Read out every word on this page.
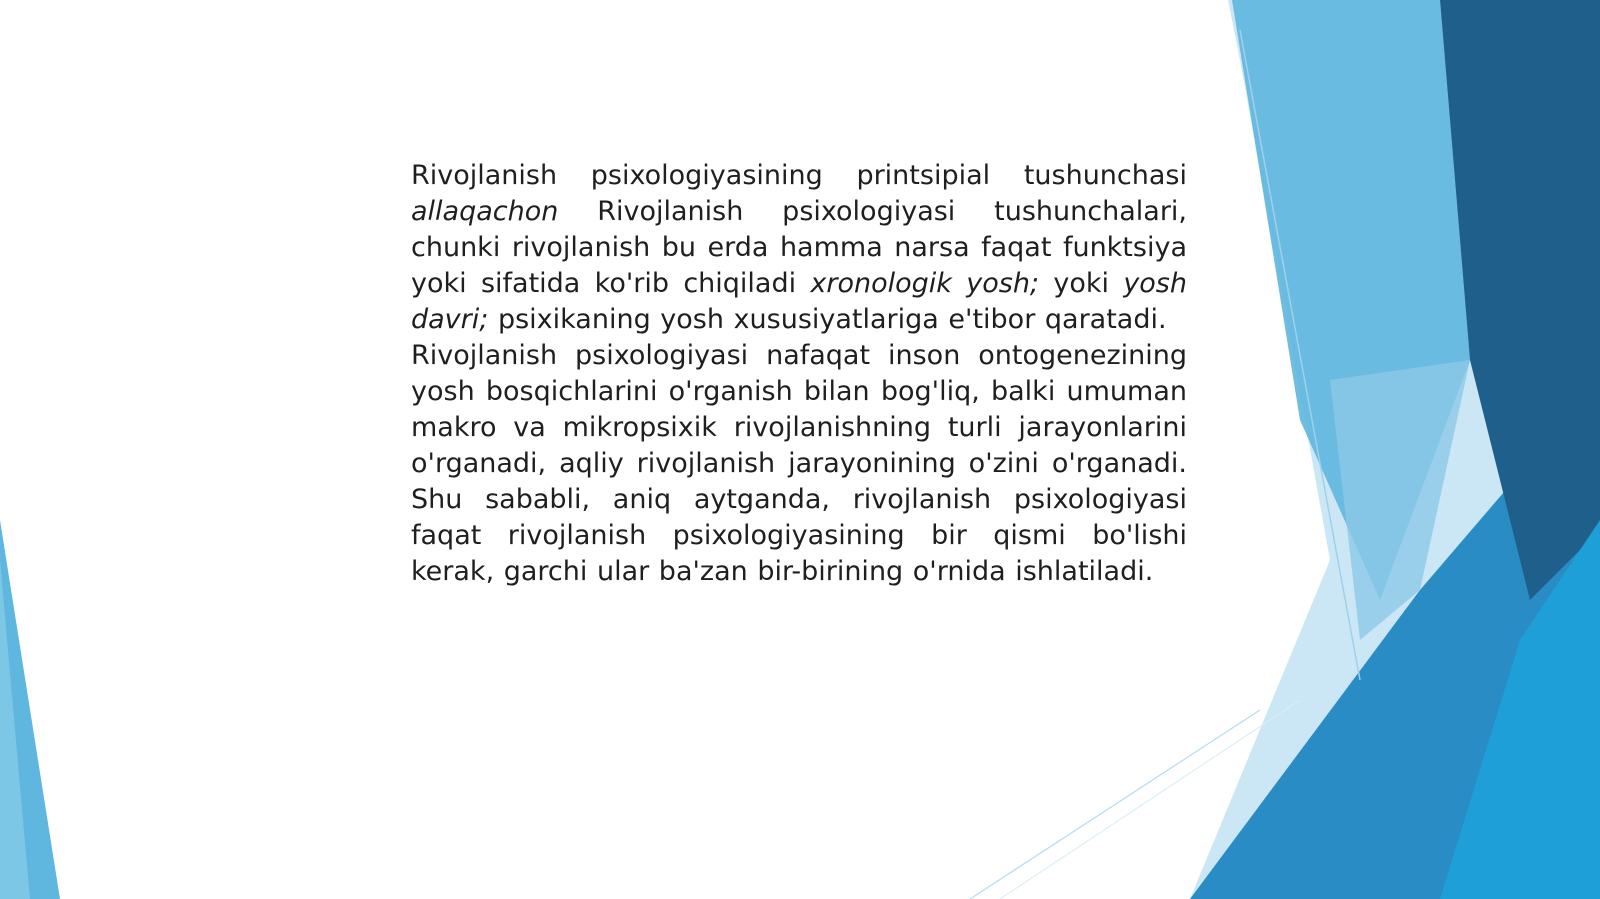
Rivojlanish psixologiyasining printsipial tushunchasi allaqachon Rivojlanish psixologiyasi tushunchalari, chunki rivojlanish bu erda hamma narsa faqat funktsiya yoki sifatida ko'rib chiqiladi xronologik yosh; yoki yosh davri; psixikaning yosh xususiyatlariga e'tibor qaratadi.

Rivojlanish psixologiyasi nafaqat inson ontogenezining yosh bosqichlarini o'rganish bilan bog'liq, balki umuman makro va mikropsixik rivojlanishning turli jarayonlarini o'rganadi, aqliy rivojlanish jarayonining o'zini o'rganadi. Shu sababli, aniq aytganda, rivojlanish psixologiyasi faqat rivojlanish psixologiyasining bir qismi bo'lishi kerak, garchi ular ba'zan bir-birining o'rnida ishlatiladi.
